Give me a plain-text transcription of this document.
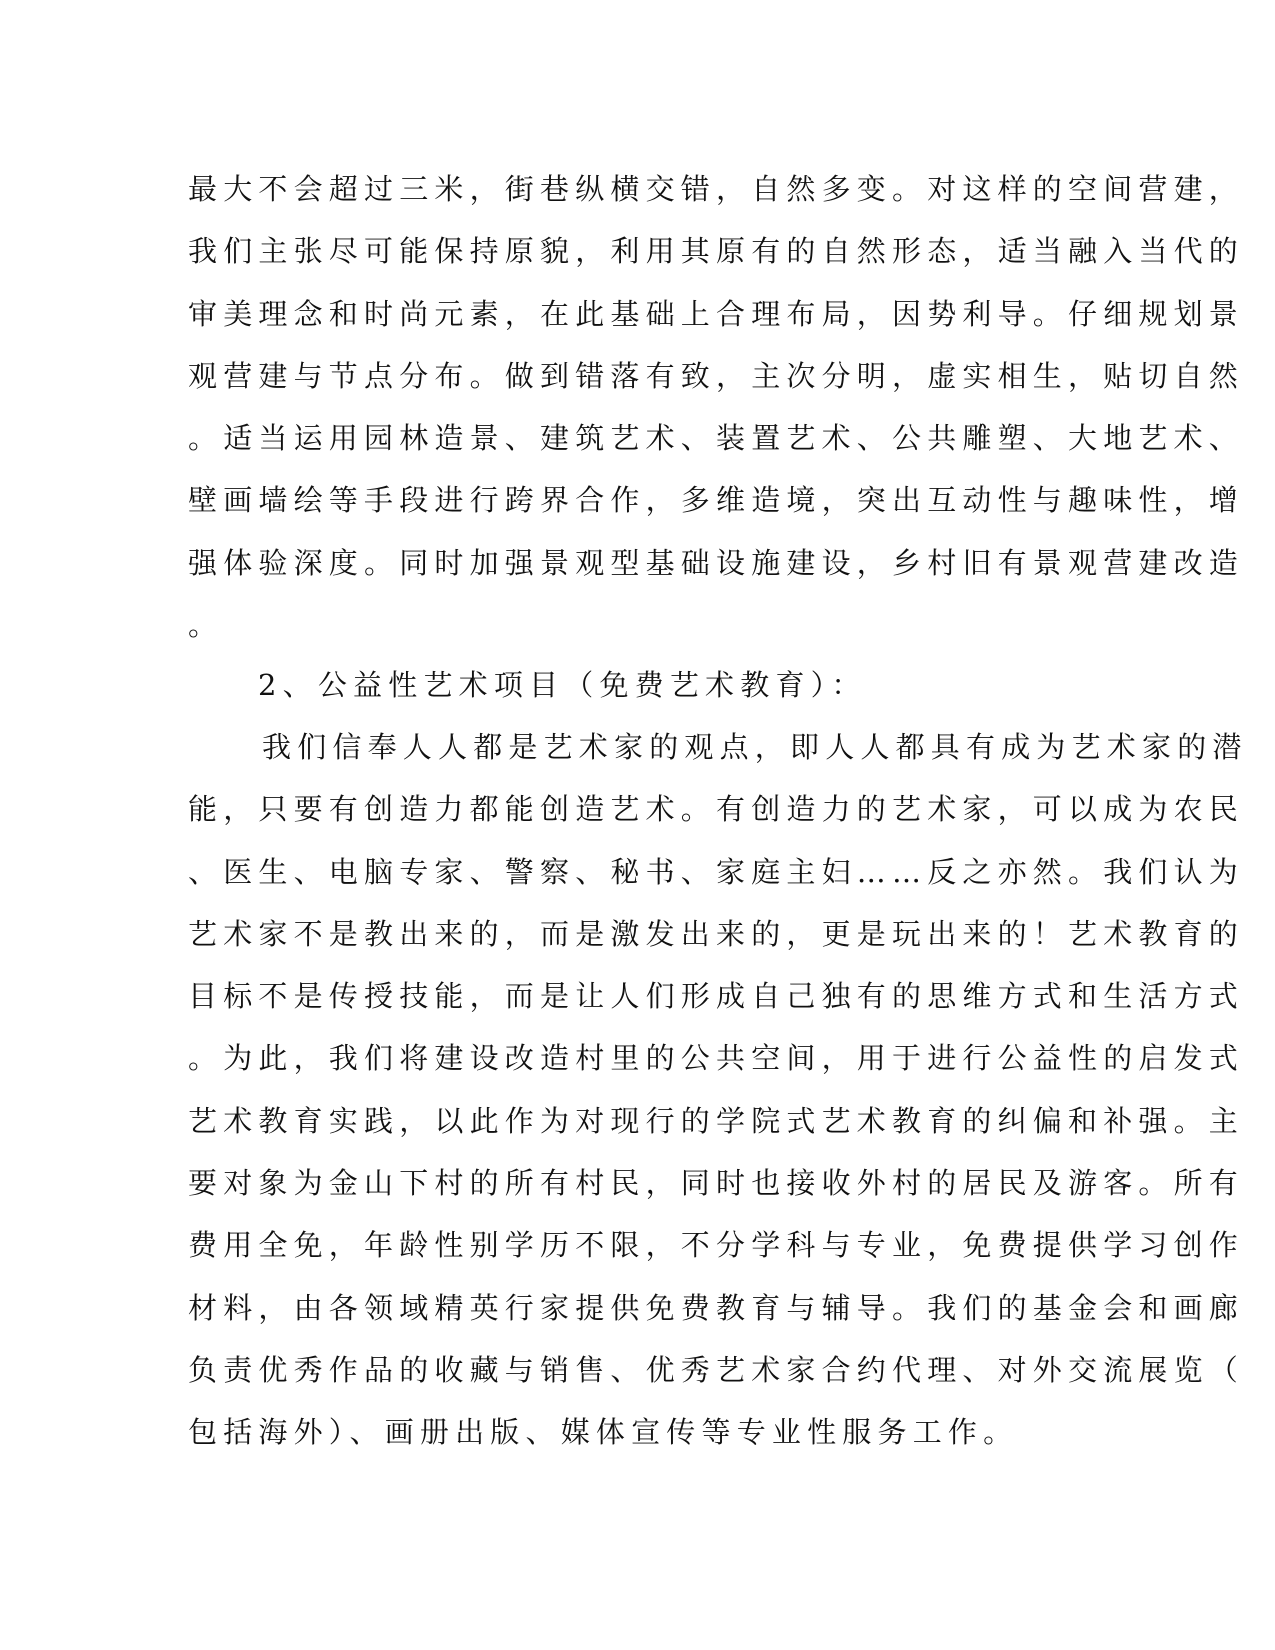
最大不会超过三米，街巷纵横交错，自然多变。对这样的空间营建，
我们主张尽可能保持原貌，利用其原有的自然形态，适当融入当代的
审美理念和时尚元素，在此基础上合理布局，因势利导。仔细规划景
观营建与节点分布。做到错落有致，主次分明，虚实相生，贴切自然
。适当运用园林造景、建筑艺术、装置艺术、公共雕塑、大地艺术、
壁画墙绘等手段进行跨界合作，多维造境，突出互动性与趣味性，增
强体验深度。同时加强景观型基础设施建设，乡村旧有景观营建改造
。
2、公益性艺术项目（免费艺术教育）：
我们信奉人人都是艺术家的观点，即人人都具有成为艺术家的潜
能，只要有创造力都能创造艺术。有创造力的艺术家，可以成为农民
、医生、电脑专家、警察、秘书、家庭主妇……反之亦然。我们认为
艺术家不是教出来的，而是激发出来的，更是玩出来的！艺术教育的
目标不是传授技能，而是让人们形成自己独有的思维方式和生活方式
。为此，我们将建设改造村里的公共空间，用于进行公益性的启发式
艺术教育实践，以此作为对现行的学院式艺术教育的纠偏和补强。主
要对象为金山下村的所有村民，同时也接收外村的居民及游客。所有
费用全免，年龄性别学历不限，不分学科与专业，免费提供学习创作
材料，由各领域精英行家提供免费教育与辅导。我们的基金会和画廊
负责优秀作品的收藏与销售、优秀艺术家合约代理、对外交流展览（
包括海外）、画册出版、媒体宣传等专业性服务工作。
